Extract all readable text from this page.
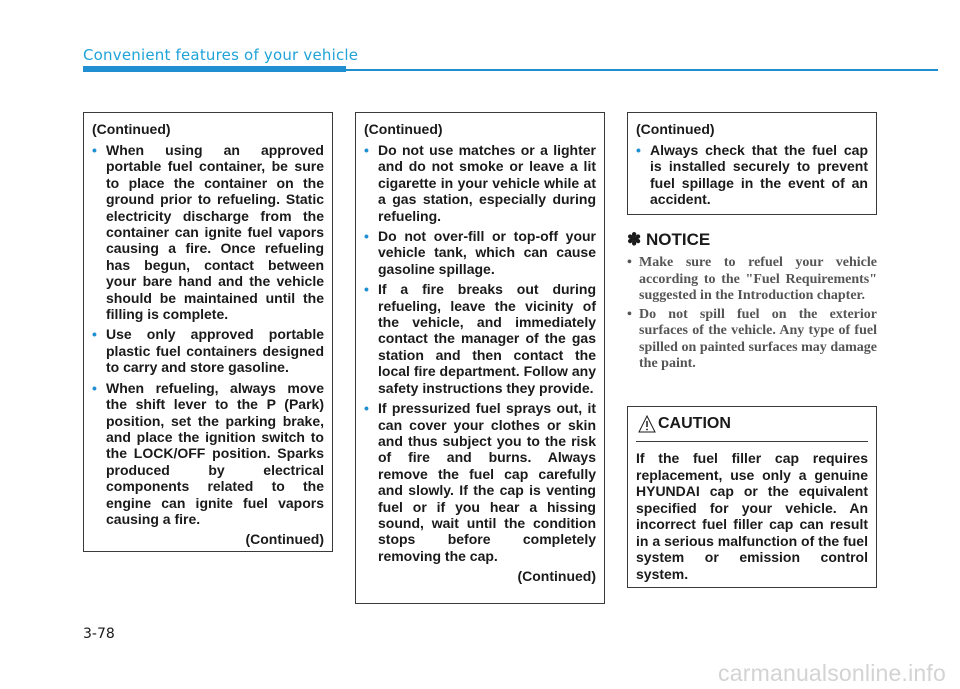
Convenient features of your vehicle
(Continued)
• When using an approved portable fuel container, be sure to place the container on the ground prior to refueling. Static electricity discharge from the container can ignite fuel vapors causing a fire. Once refueling has begun, contact between your bare hand and the vehicle should be maintained until the filling is complete.
• Use only approved portable plastic fuel containers designed to carry and store gasoline.
• When refueling, always move the shift lever to the P (Park) position, set the parking brake, and place the ignition switch to the LOCK/OFF position. Sparks produced by electrical components related to the engine can ignite fuel vapors causing a fire.
(Continued)
(Continued)
• Do not use matches or a lighter and do not smoke or leave a lit cigarette in your vehicle while at a gas station, especially during refueling.
• Do not over-fill or top-off your vehicle tank, which can cause gasoline spillage.
• If a fire breaks out during refueling, leave the vicinity of the vehicle, and immediately contact the manager of the gas station and then contact the local fire department. Follow any safety instructions they provide.
• If pressurized fuel sprays out, it can cover your clothes or skin and thus subject you to the risk of fire and burns. Always remove the fuel cap carefully and slowly. If the cap is venting fuel or if you hear a hissing sound, wait until the condition stops before completely removing the cap.
(Continued)
(Continued)
• Always check that the fuel cap is installed securely to prevent fuel spillage in the event of an accident.
✽ NOTICE
• Make sure to refuel your vehicle according to the "Fuel Requirements" suggested in the Introduction chapter.
• Do not spill fuel on the exterior surfaces of the vehicle. Any type of fuel spilled on painted surfaces may damage the paint.
CAUTION
If the fuel filler cap requires replacement, use only a genuine HYUNDAI cap or the equivalent specified for your vehicle. An incorrect fuel filler cap can result in a serious malfunction of the fuel system or emission control system.
3-78
carmanualsonline.info
